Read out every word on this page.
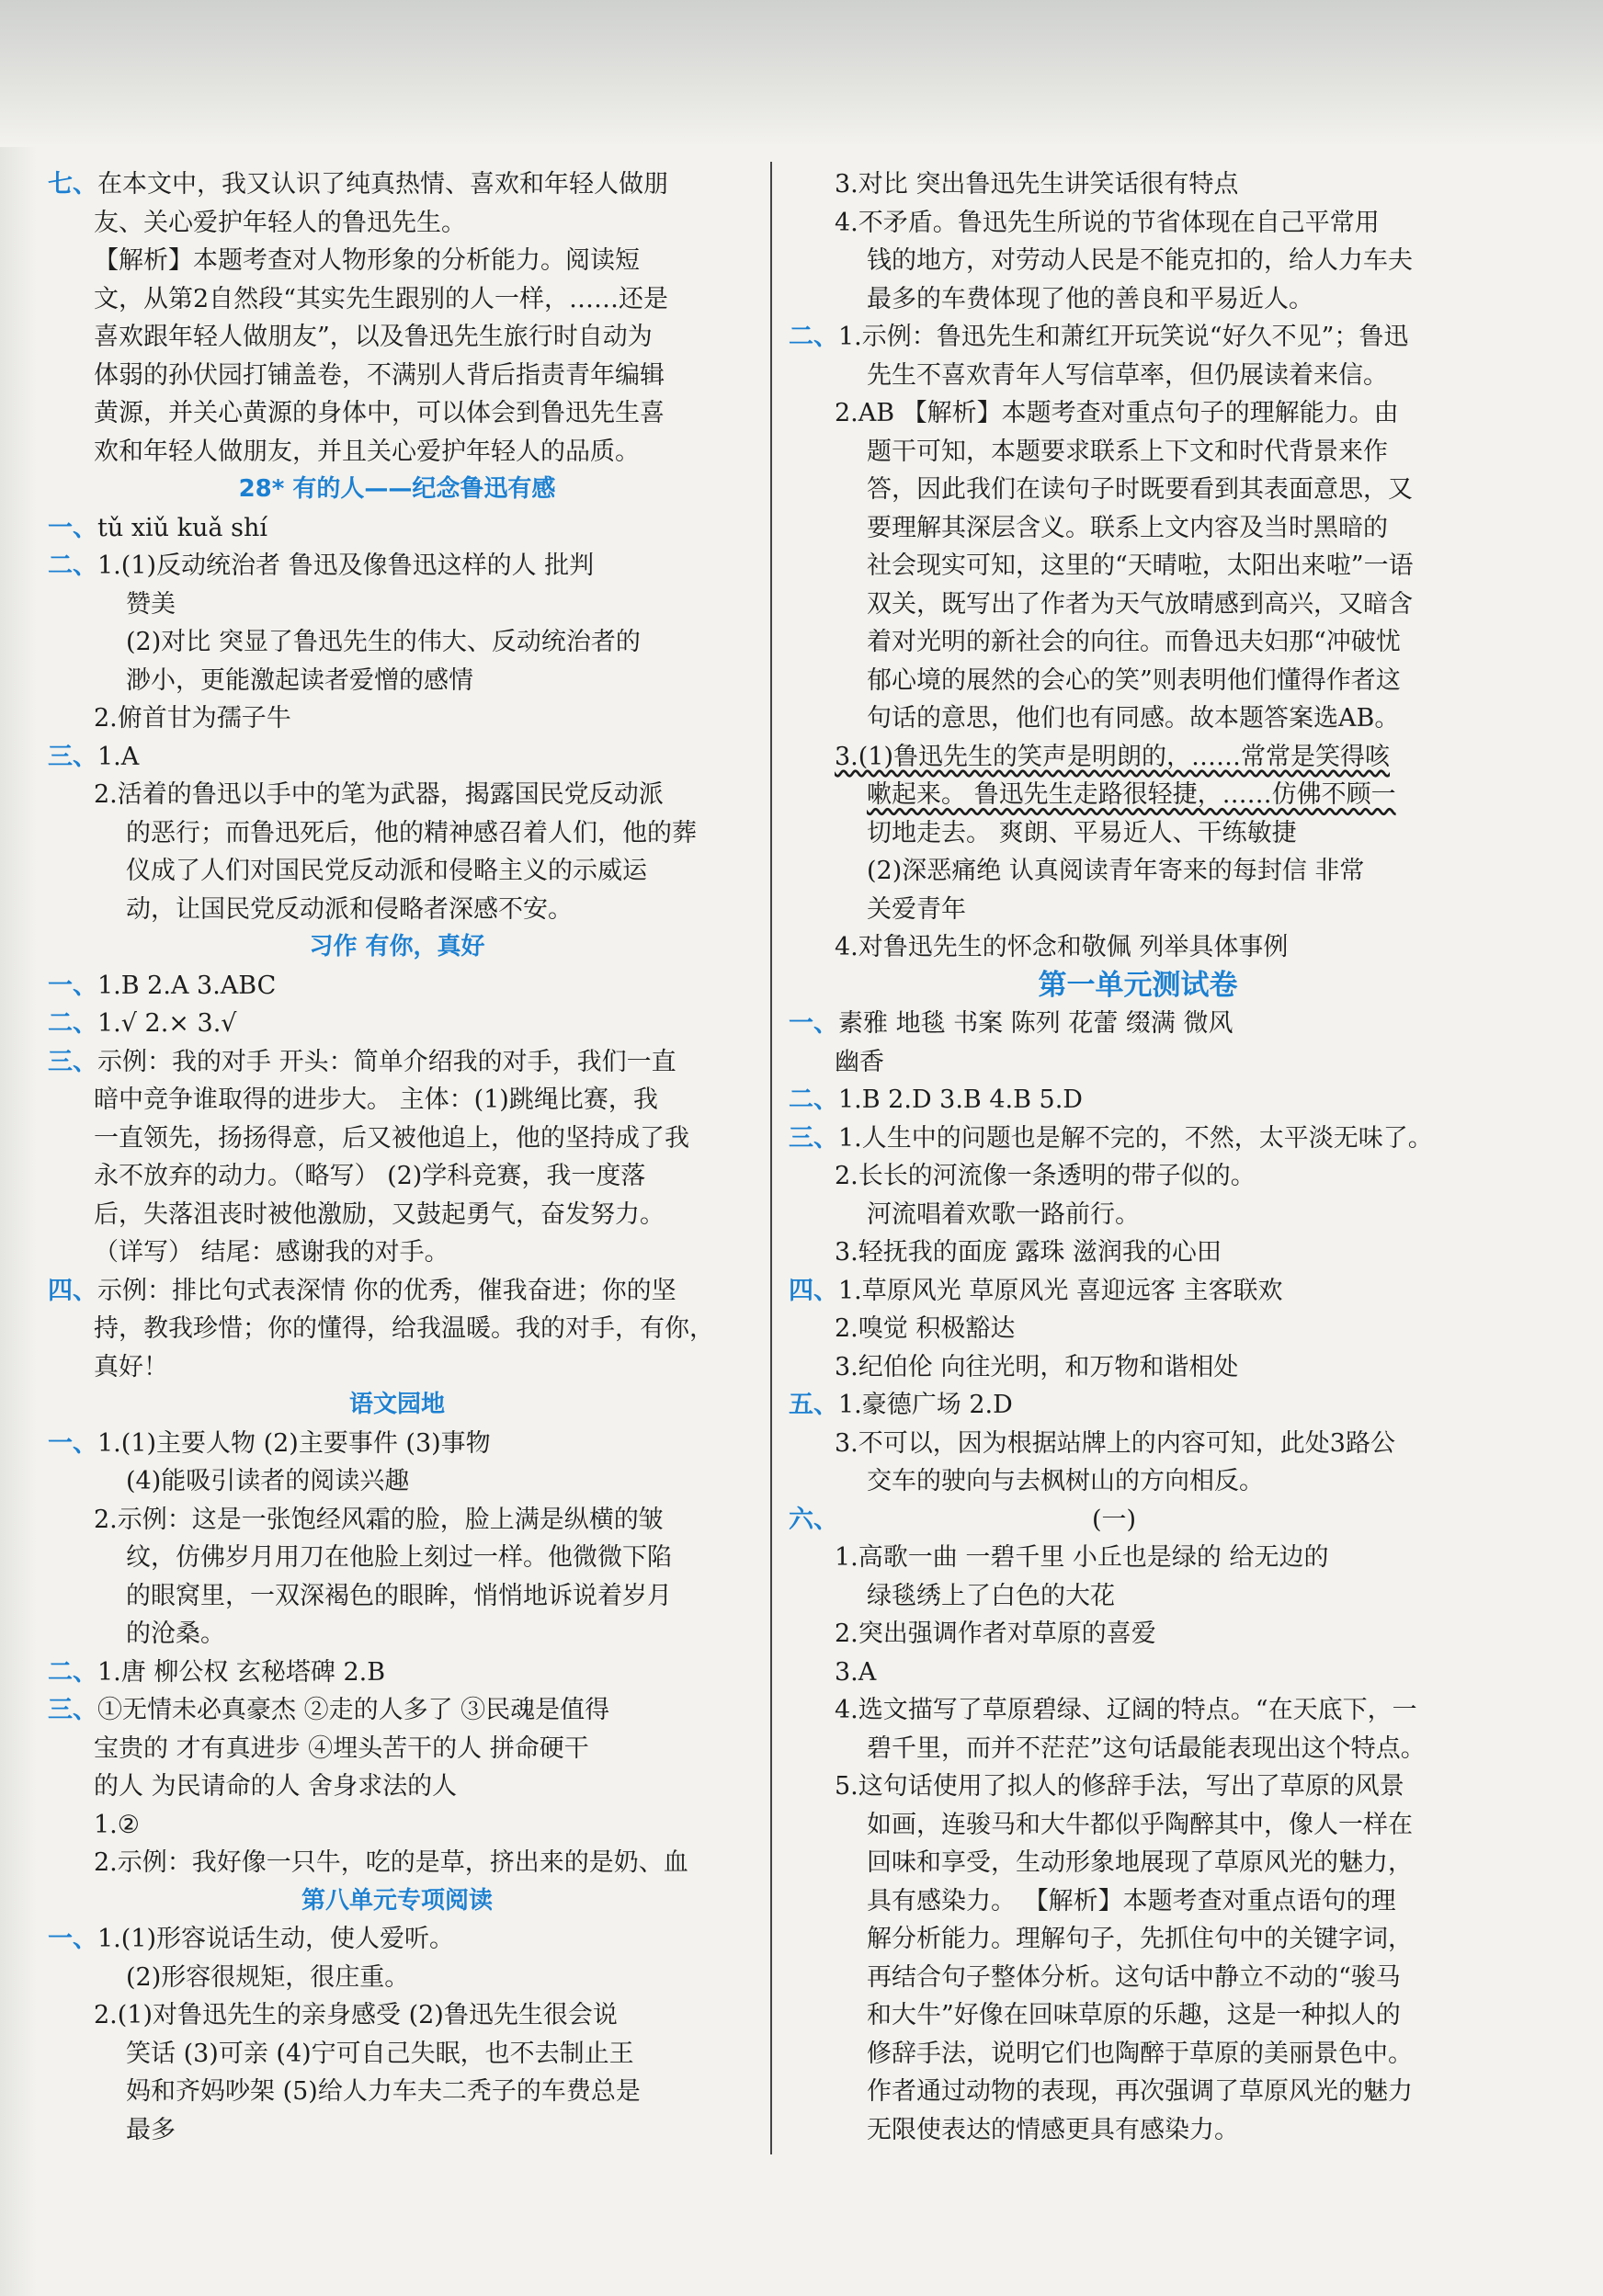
七、在本文中，我又认识了纯真热情、喜欢和年轻人做朋
友、关心爱护年轻人的鲁迅先生。
【解析】本题考查对人物形象的分析能力。阅读短
文，从第2自然段“其实先生跟别的人一样，……还是
喜欢跟年轻人做朋友”，以及鲁迅先生旅行时自动为
体弱的孙伏园打铺盖卷，不满别人背后指责青年编辑
黄源，并关心黄源的身体中，可以体会到鲁迅先生喜
欢和年轻人做朋友，并且关心爱护年轻人的品质。
28* 有的人——纪念鲁迅有感
一、tǔ xiǔ kuǎ shí
二、1.(1)反动统治者 鲁迅及像鲁迅这样的人 批判
赞美
(2)对比 突显了鲁迅先生的伟大、反动统治者的
渺小，更能激起读者爱憎的感情
2.俯首甘为孺子牛
三、1.A
2.活着的鲁迅以手中的笔为武器，揭露国民党反动派
的恶行；而鲁迅死后，他的精神感召着人们，他的葬
仪成了人们对国民党反动派和侵略主义的示威运
动，让国民党反动派和侵略者深感不安。
习作 有你，真好
一、1.B 2.A 3.ABC
二、1.√ 2.× 3.√
三、示例：我的对手 开头：简单介绍我的对手，我们一直
暗中竞争谁取得的进步大。 主体：(1)跳绳比赛，我
一直领先，扬扬得意，后又被他追上，他的坚持成了我
永不放弃的动力。（略写） (2)学科竞赛，我一度落
后，失落沮丧时被他激励，又鼓起勇气，奋发努力。
（详写） 结尾：感谢我的对手。
四、示例：排比句式表深情 你的优秀，催我奋进；你的坚
持，教我珍惜；你的懂得，给我温暖。我的对手，有你，
真好！
语文园地
一、1.(1)主要人物 (2)主要事件 (3)事物
(4)能吸引读者的阅读兴趣
2.示例：这是一张饱经风霜的脸，脸上满是纵横的皱
纹，仿佛岁月用刀在他脸上刻过一样。他微微下陷
的眼窝里，一双深褐色的眼眸，悄悄地诉说着岁月
的沧桑。
二、1.唐 柳公权 玄秘塔碑 2.B
三、①无情未必真豪杰 ②走的人多了 ③民魂是值得
宝贵的 才有真进步 ④埋头苦干的人 拼命硬干
的人 为民请命的人 舍身求法的人
1.②
2.示例：我好像一只牛，吃的是草，挤出来的是奶、血
第八单元专项阅读
一、1.(1)形容说话生动，使人爱听。
(2)形容很规矩，很庄重。
2.(1)对鲁迅先生的亲身感受 (2)鲁迅先生很会说
笑话 (3)可亲 (4)宁可自己失眠，也不去制止王
妈和齐妈吵架 (5)给人力车夫二秃子的车费总是
最多
3.对比 突出鲁迅先生讲笑话很有特点
4.不矛盾。鲁迅先生所说的节省体现在自己平常用
钱的地方，对劳动人民是不能克扣的，给人力车夫
最多的车费体现了他的善良和平易近人。
二、1.示例：鲁迅先生和萧红开玩笑说“好久不见”；鲁迅
先生不喜欢青年人写信草率，但仍展读着来信。
2.AB 【解析】本题考查对重点句子的理解能力。由
题干可知，本题要求联系上下文和时代背景来作
答，因此我们在读句子时既要看到其表面意思，又
要理解其深层含义。联系上文内容及当时黑暗的
社会现实可知，这里的“天晴啦，太阳出来啦”一语
双关，既写出了作者为天气放晴感到高兴，又暗含
着对光明的新社会的向往。而鲁迅夫妇那“冲破忧
郁心境的展然的会心的笑”则表明他们懂得作者这
句话的意思，他们也有同感。故本题答案选AB。
3.(1)鲁迅先生的笑声是明朗的，……常常是笑得咳
嗽起来。 鲁迅先生走路很轻捷，……仿佛不顾一
切地走去。 爽朗、平易近人、干练敏捷
(2)深恶痛绝 认真阅读青年寄来的每封信 非常
关爱青年
4.对鲁迅先生的怀念和敬佩 列举具体事例
第一单元测试卷
一、素雅 地毯 书案 陈列 花蕾 缀满 微风
幽香
二、1.B 2.D 3.B 4.B 5.D
三、1.人生中的问题也是解不完的，不然，太平淡无味了。
2.长长的河流像一条透明的带子似的。
河流唱着欢歌一路前行。
3.轻抚我的面庞 露珠 滋润我的心田
四、1.草原风光 草原风光 喜迎远客 主客联欢
2.嗅觉 积极豁达
3.纪伯伦 向往光明，和万物和谐相处
五、1.豪德广场 2.D
3.不可以，因为根据站牌上的内容可知，此处3路公
交车的驶向与去枫树山的方向相反。
六、	(一)
1.高歌一曲 一碧千里 小丘也是绿的 给无边的
绿毯绣上了白色的大花
2.突出强调作者对草原的喜爱
3.A
4.选文描写了草原碧绿、辽阔的特点。“在天底下，一
碧千里，而并不茫茫”这句话最能表现出这个特点。
5.这句话使用了拟人的修辞手法，写出了草原的风景
如画，连骏马和大牛都似乎陶醉其中，像人一样在
回味和享受，生动形象地展现了草原风光的魅力，
具有感染力。 【解析】本题考查对重点语句的理
解分析能力。理解句子，先抓住句中的关键字词，
再结合句子整体分析。这句话中静立不动的“骏马
和大牛”好像在回味草原的乐趣，这是一种拟人的
修辞手法，说明它们也陶醉于草原的美丽景色中。
作者通过动物的表现，再次强调了草原风光的魅力
无限使表达的情感更具有感染力。
